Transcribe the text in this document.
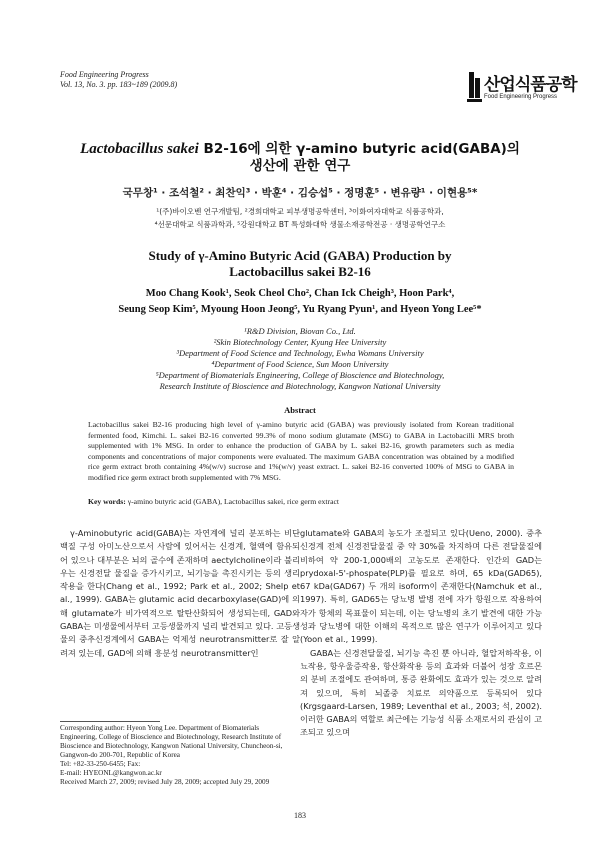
Food Engineering Progress
Vol. 13, No. 3. pp. 183~189 (2009.8)	산업식품공학
Food Engineering Progress
Lactobacillus sakei B2-16에 의한 γ-amino butyric acid(GABA)의
생산에 관한 연구
국무창¹ · 조석철² · 최찬익³ · 박훈⁴ · 김승섭⁵ · 정명훈⁵ · 변유량¹ · 이현용⁵*
¹(주)바이오벤 연구개발팀, ²경희대학교 피부생명공학센터, ³이화여자대학교 식품공학과,
⁴선문대학교 식품과학과, ⁵강원대학교 BT 특성화대학 생물소재공학전공 · 생명공학연구소
Study of γ-Amino Butyric Acid (GABA) Production by
Lactobacillus sakei B2-16
Moo Chang Kook¹, Seok Cheol Cho², Chan Ick Cheigh³, Hoon Park⁴,
Seung Seop Kim⁵, Myoung Hoon Jeong⁵, Yu Ryang Pyun¹, and Hyeon Yong Lee⁵*
¹R&D Division, Biovan Co., Ltd.
²Skin Biotechnology Center, Kyung Hee University
³Department of Food Science and Technology, Ewha Womans University
⁴Department of Food Science, Sun Moon University
⁵Department of Biomaterials Engineering, College of Bioscience and Biotechnology,
Research Institute of Bioscience and Biotechnology, Kangwon National University
Abstract
Lactobacillus sakei B2-16 producing high level of γ-amino butyric acid (GABA) was previously isolated from Korean traditional fermented food, Kimchi. L. sakei B2-16 converted 99.3% of mono sodium glutamate (MSG) to GABA in Lactobacilli MRS broth supplemented with 1% MSG. In order to enhance the production of GABA by L. sakei B2-16, growth parameters such as media components and concentrations of major components were evaluated. The maximum GABA concentration was obtained by a modified rice germ extract broth containing 4%(w/v) sucrose and 1%(w/v) yeast extract. L. sakei B2-16 converted 100% of MSG to GABA in modified rice germ extract broth supplemented with 7% MSG.
Key words: γ-amino butyric acid (GABA), Lactobacillus sakei, rice germ extract

γ-Aminobutyric acid(GABA)는 자연계에 널리 분포하는 비단백질 구성 아미노산으로서 사람에 있어서는 신경계, 혈액에 함유되어 있으나 대부분은 뇌의 골수에 존재하며 aectylcholine이라 불리우는 신경전달 물질을 증가시키고, 뇌기능을 촉진시키는 등의 생리작용을 한다(Chang et al., 1992; Park et al., 2002; Shelp et al., 1999). GABA는 glutamic acid decarboxylase(GAD)에 의해 glutamate가 비가역적으로 탈탄산화되어 생성되는데, GAD와 GABA는 미생물에서부터 고등생물까지 널리 발견되고 있다. 고등생물의 중추신경계에서 GABA는 억제성 neurotransmitter로 잘 알려져 있는데, GAD에 의해 흥분성 neurotransmitter인

glutamate와 GABA의 농도가 조절되고 있다(Ueno, 2000). 중추신경계 전체 신경전달물질 중 약 30%를 차지하며 다른 전달물질에 비하여 약 200-1,000배의 고농도로 존재한다. 인간의 GAD는 prydoxal-5'-phospate(PLP)를 필요로 하며, 65 kDa(GAD65), 67 kDa(GAD67) 두 개의 isoform이 존재한다(Namchuk et al., 1997). 특히, GAD65는 당뇨병 발병 전에 자가 항원으로 작용하여 자가 항체의 목표물이 되는데, 이는 당뇨병의 초기 발견에 대한 가능성과 당뇨병에 대한 이해의 목적으로 많은 연구가 이루어지고 있다(Yoon et al., 1999).

GABA는 신경전달물질, 뇌기능 촉진 뿐 아니라, 혈압저하작용, 이뇨작용, 항우울증작용, 항산화작용 등의 효과와 더불어 성장 호르몬의 분비 조절에도 관여하며, 통증 완화에도 효과가 있는 것으로 알려져 있으며, 특히 뇌졸중 치료로 의약품으로 등록되어 있다(Krgsgaard-Larsen, 1989; Leventhal et al., 2003; 석, 2002). 이러한 GABA의 역할로 최근에는 기능성 식품 소재로서의 관심이 고조되고 있으며

Corresponding author: Hyeon Yong Lee. Department of Biomaterials Engineering, College of Bioscience and Biotechnology, Research Institute of Bioscience and Biotechnology, Kangwon National University, Chuncheon-si, Gangwon-do 200-701, Republic of Korea
Tel: +82-33-250-6455; Fax:
E-mail: HYEONL@kangwon.ac.kr
Received March 27, 2009; revised July 28, 2009; accepted July 29, 2009
183
